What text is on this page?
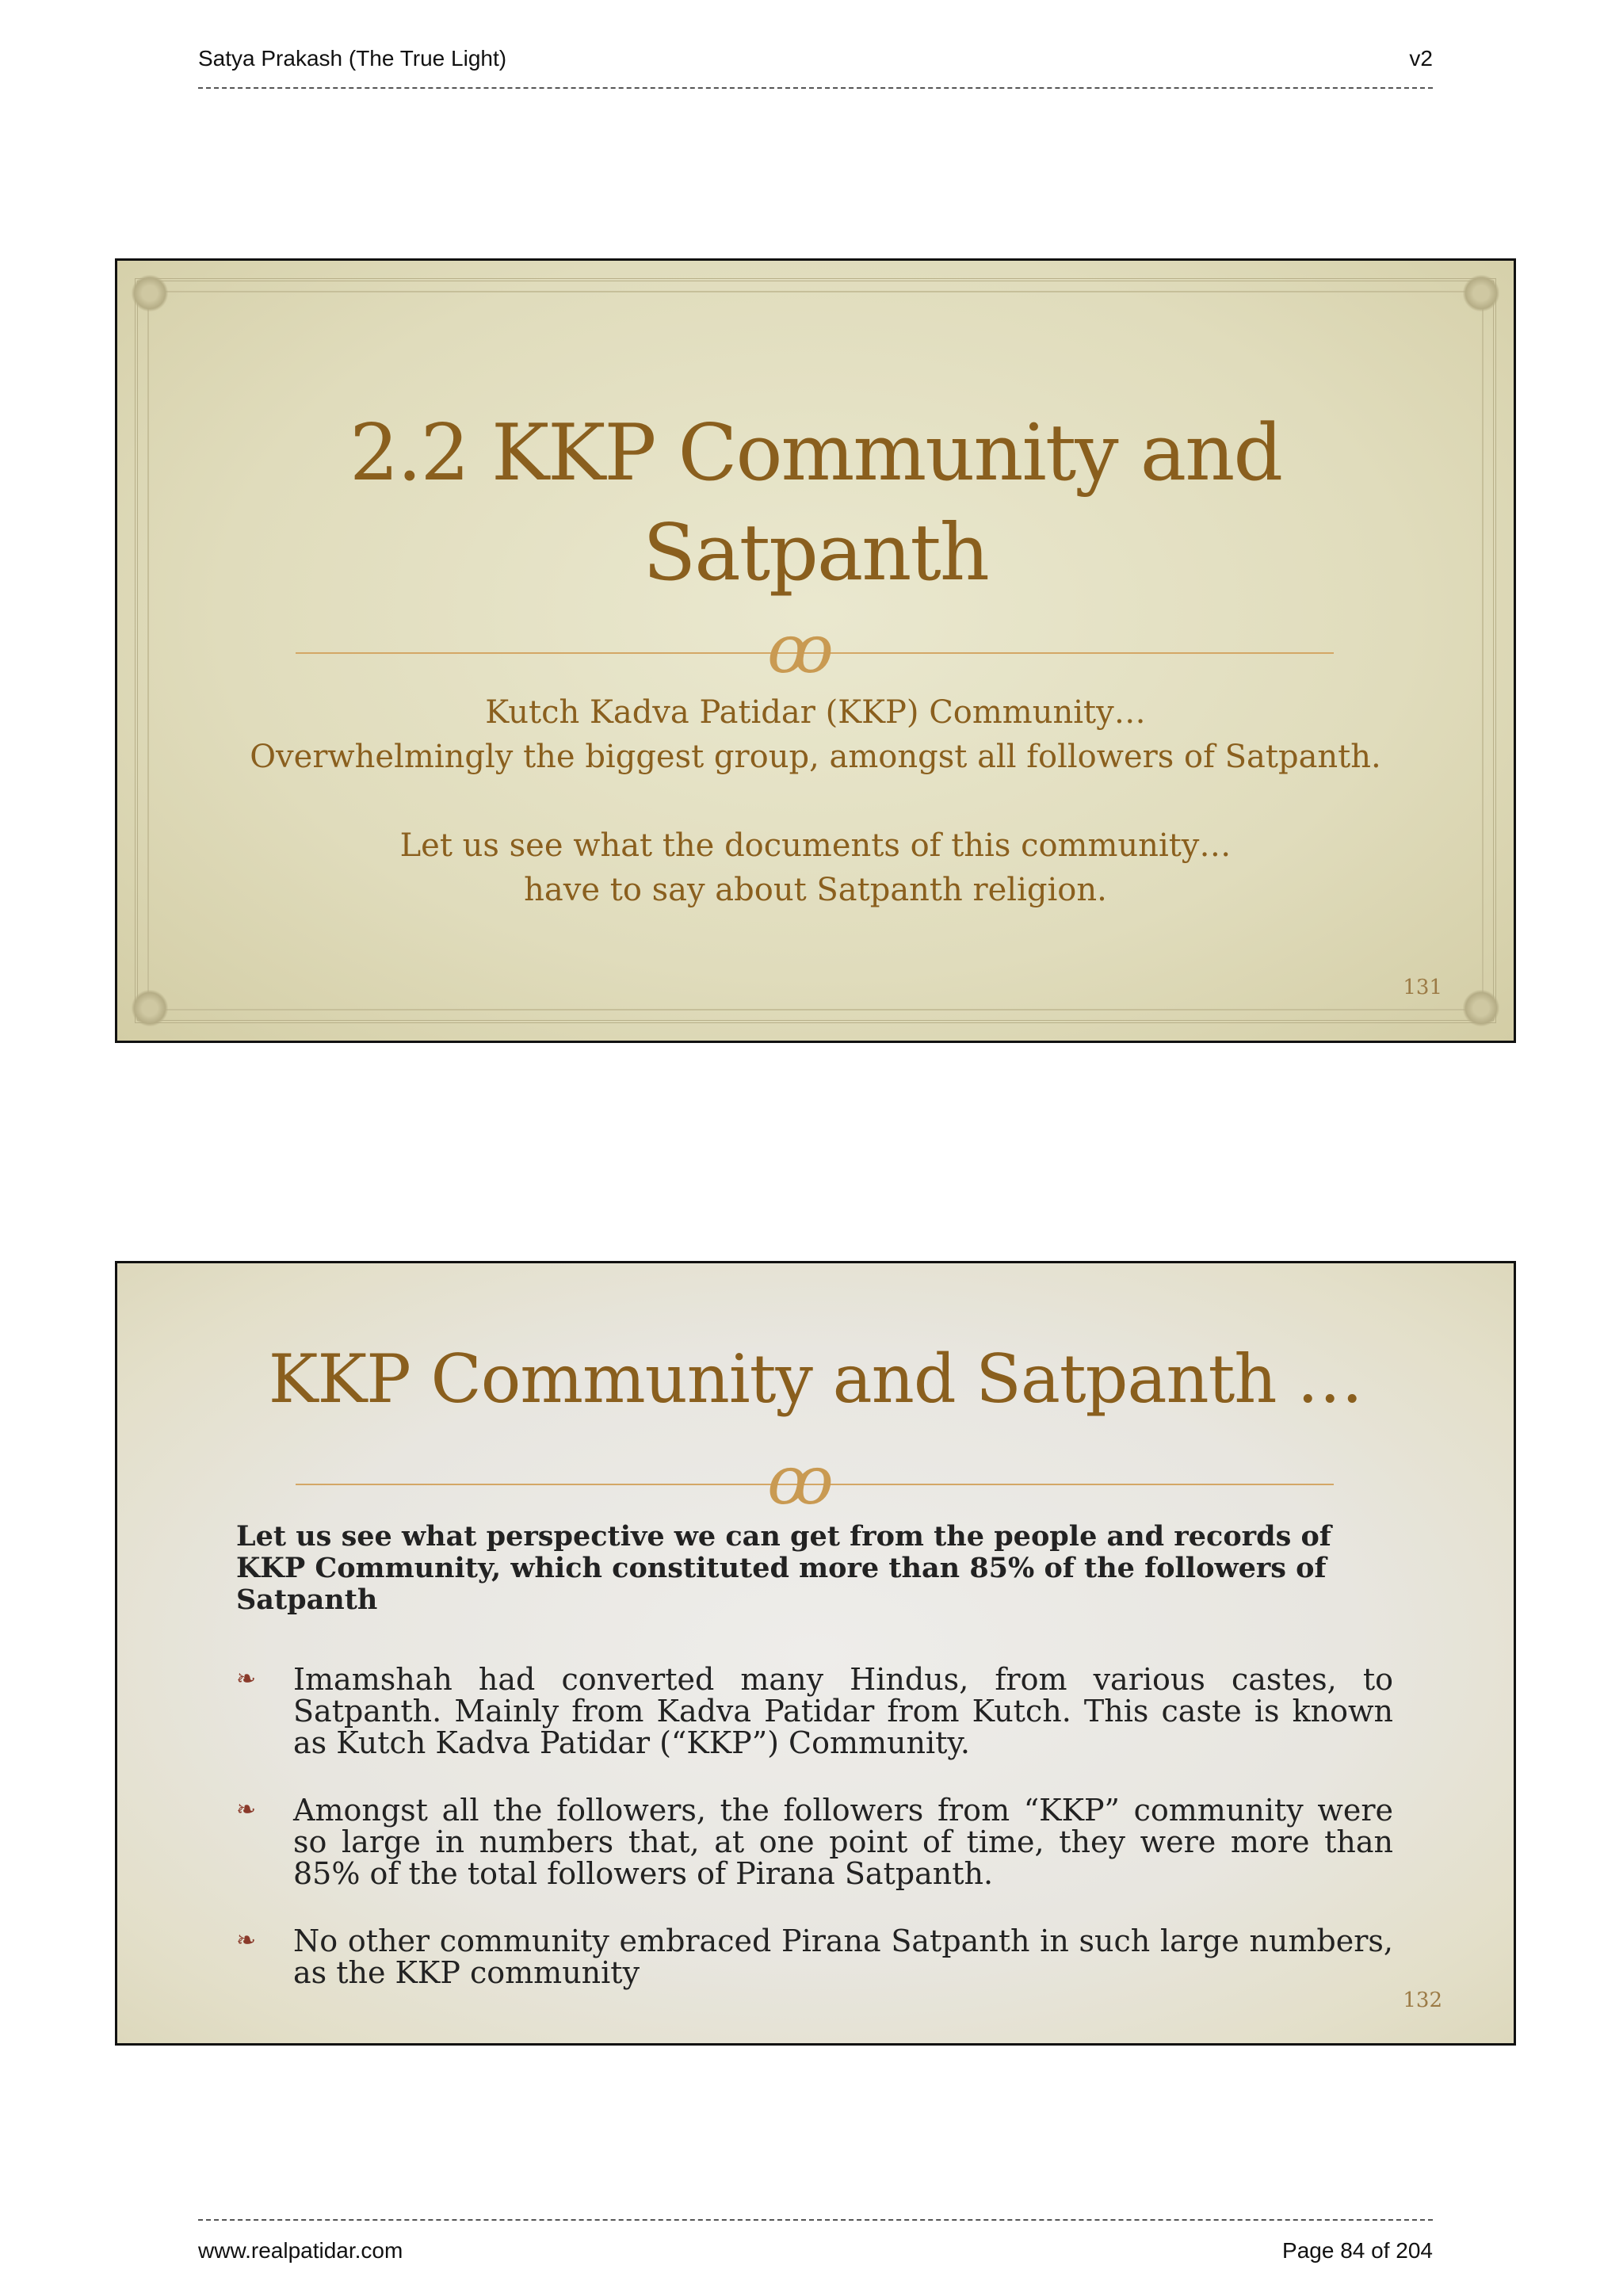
Satya Prakash (The True Light)	v2
2.2 KKP Community and
Satpanth
ꝏ
Kutch Kadva Patidar (KKP) Community…
Overwhelmingly the biggest group, amongst all followers of Satpanth.
Let us see what the documents of this community…
have to say about Satpanth religion.
131
KKP Community and Satpanth …
ꝏ
Let us see what perspective we can get from the people and records of KKP Community, which constituted more than 85% of the followers of Satpanth
❧ Imamshah had converted many Hindus, from various castes, to Satpanth. Mainly from Kadva Patidar from Kutch. This caste is known as Kutch Kadva Patidar (“KKP”) Community.
❧ Amongst all the followers, the followers from “KKP” community were so large in numbers that, at one point of time, they were more than 85% of the total followers of Pirana Satpanth.
❧ No other community embraced Pirana Satpanth in such large numbers, as the KKP community
132
www.realpatidar.com	Page 84 of 204
